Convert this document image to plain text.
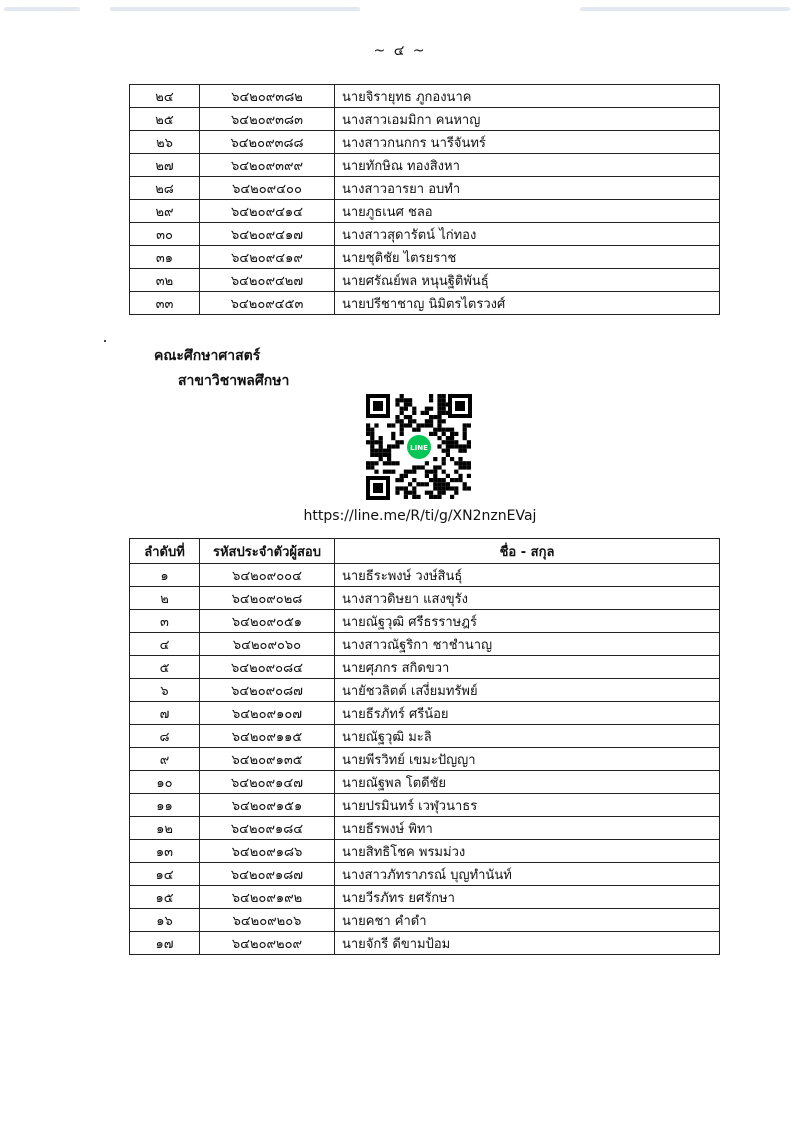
~ ๔ ~
๒๔	๖๔๒๐๙๓๘๒	นายจิรายุทธ ภูกองนาค
๒๕	๖๔๒๐๙๓๘๓	นางสาวเอมมิกา คนหาญ
๒๖	๖๔๒๐๙๓๘๘	นางสาวกนกกร นารีจันทร์
๒๗	๖๔๒๐๙๓๙๙	นายทักษิณ ทองสิงหา
๒๘	๖๔๒๐๙๔๐๐	นางสาวอารยา อบทำ
๒๙	๖๔๒๐๙๔๑๔	นายภูธเนศ ชลอ
๓๐	๖๔๒๐๙๔๑๗	นางสาวสุดารัตน์ ไก่ทอง
๓๑	๖๔๒๐๙๔๑๙	นายชุติชัย ไตรยราช
๓๒	๖๔๒๐๙๔๒๗	นายศรัณย์พล หนุนฐิติพันธุ์
๓๓	๖๔๒๐๙๔๕๓	นายปรีชาชาญ นิมิตรไตรวงศ์
คณะศึกษาศาสตร์
สาขาวิชาพลศึกษา
LINE
https://line.me/R/ti/g/XN2nznEVaj
ลำดับที่	รหัสประจำตัวผู้สอบ	ชื่อ - สกุล
๑	๖๔๒๐๙๐๐๔	นายธีระพงษ์ วงษ์สินธุ์
๒	๖๔๒๐๙๐๒๘	นางสาวดิษยา แสงขุรัง
๓	๖๔๒๐๙๐๕๑	นายณัฐวุฒิ ศรีธรราษฎร์
๔	๖๔๒๐๙๐๖๐	นางสาวณัฐริกา ชาชำนาญ
๕	๖๔๒๐๙๐๘๔	นายศุภกร สกิดขวา
๖	๖๔๒๐๙๐๘๗	นายัชวลิตต์ เสงี่ยมทรัพย์
๗	๖๔๒๐๙๑๐๗	นายธีรภัทร์ ศรีน้อย
๘	๖๔๒๐๙๑๑๕	นายณัฐวุฒิ มะลิ
๙	๖๔๒๐๙๑๓๕	นายพีรวิทย์ เขมะปัญญา
๑๐	๖๔๒๐๙๑๔๗	นายณัฐพล โตดีชัย
๑๑	๖๔๒๐๙๑๕๑	นายปรมินทร์ เวฬุวนาธร
๑๒	๖๔๒๐๙๑๘๔	นายธีรพงษ์ พิทา
๑๓	๖๔๒๐๙๑๘๖	นายสิทธิโชค พรมม่วง
๑๔	๖๔๒๐๙๑๘๗	นางสาวภัทราภรณ์ บุญทำนันท์
๑๕	๖๔๒๐๙๑๙๒	นายวีรภัทร ยศรักษา
๑๖	๖๔๒๐๙๒๐๖	นายคชา คำดำ
๑๗	๖๔๒๐๙๒๐๙	นายจักรี ดีขามป้อม
